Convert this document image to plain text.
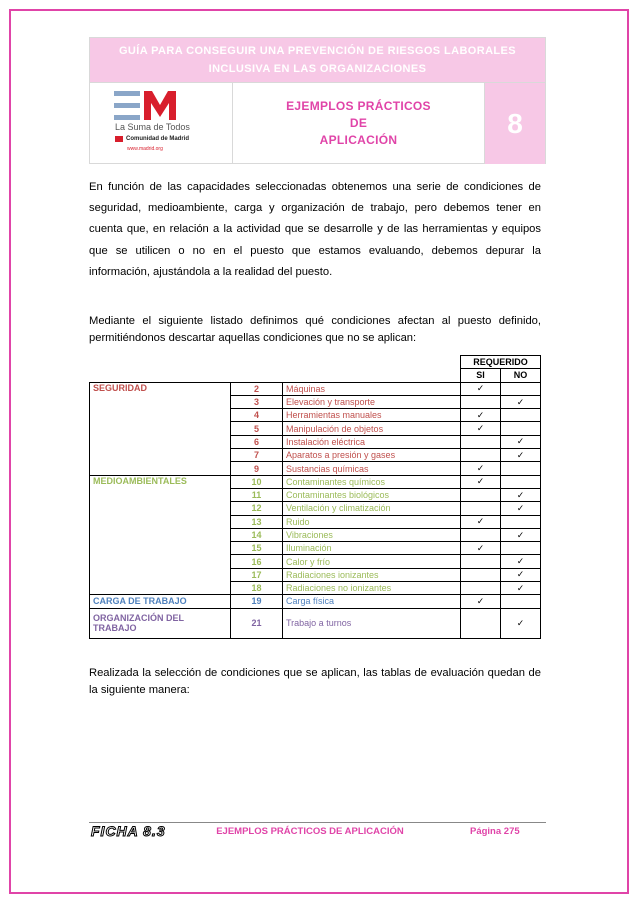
GUÍA PARA CONSEGUIR UNA PREVENCIÓN DE RIESGOS LABORALES
INCLUSIVA EN LAS ORGANIZACIONES
La Suma de Todos
Comunidad de Madrid
www.madrid.org
EJEMPLOS PRÁCTICOS
DE
APLICACIÓN
8

En función de las capacidades seleccionadas obtenemos una serie de condiciones de seguridad, medioambiente, carga y organización de trabajo, pero debemos tener en cuenta que, en relación a la actividad que se desarrolle y de las herramientas y equipos que se utilicen o no en el puesto que estamos evaluando, debemos depurar la información, ajustándola a la realidad del puesto.

Mediante el siguiente listado definimos qué condiciones afectan al puesto definido, permitiéndonos descartar aquellas condiciones que no se aplican:

			REQUERIDO	
			SI	NO
SEGURIDAD	2	Máquinas	✓	
	3	Elevación y transporte		✓
	4	Herramientas manuales	✓	
	5	Manipulación de objetos	✓	
	6	Instalación eléctrica		✓
	7	Aparatos a presión y gases		✓
	9	Sustancias químicas	✓	
MEDIOAMBIENTALES	10	Contaminantes químicos	✓	
	11	Contaminantes biológicos		✓
	12	Ventilación y climatización		✓
	13	Ruido	✓	
	14	Vibraciones		✓
	15	Iluminación	✓	
	16	Calor y frío		✓
	17	Radiaciones ionizantes		✓
	18	Radiaciones no ionizantes		✓
CARGA DE TRABAJO	19	Carga física	✓	
ORGANIZACIÓN DEL TRABAJO	21	Trabajo a turnos		✓

Realizada la selección de condiciones que se aplican, las tablas de evaluación quedan de la siguiente manera:

FICHA 8.3	EJEMPLOS PRÁCTICOS DE APLICACIÓN	Página 275
